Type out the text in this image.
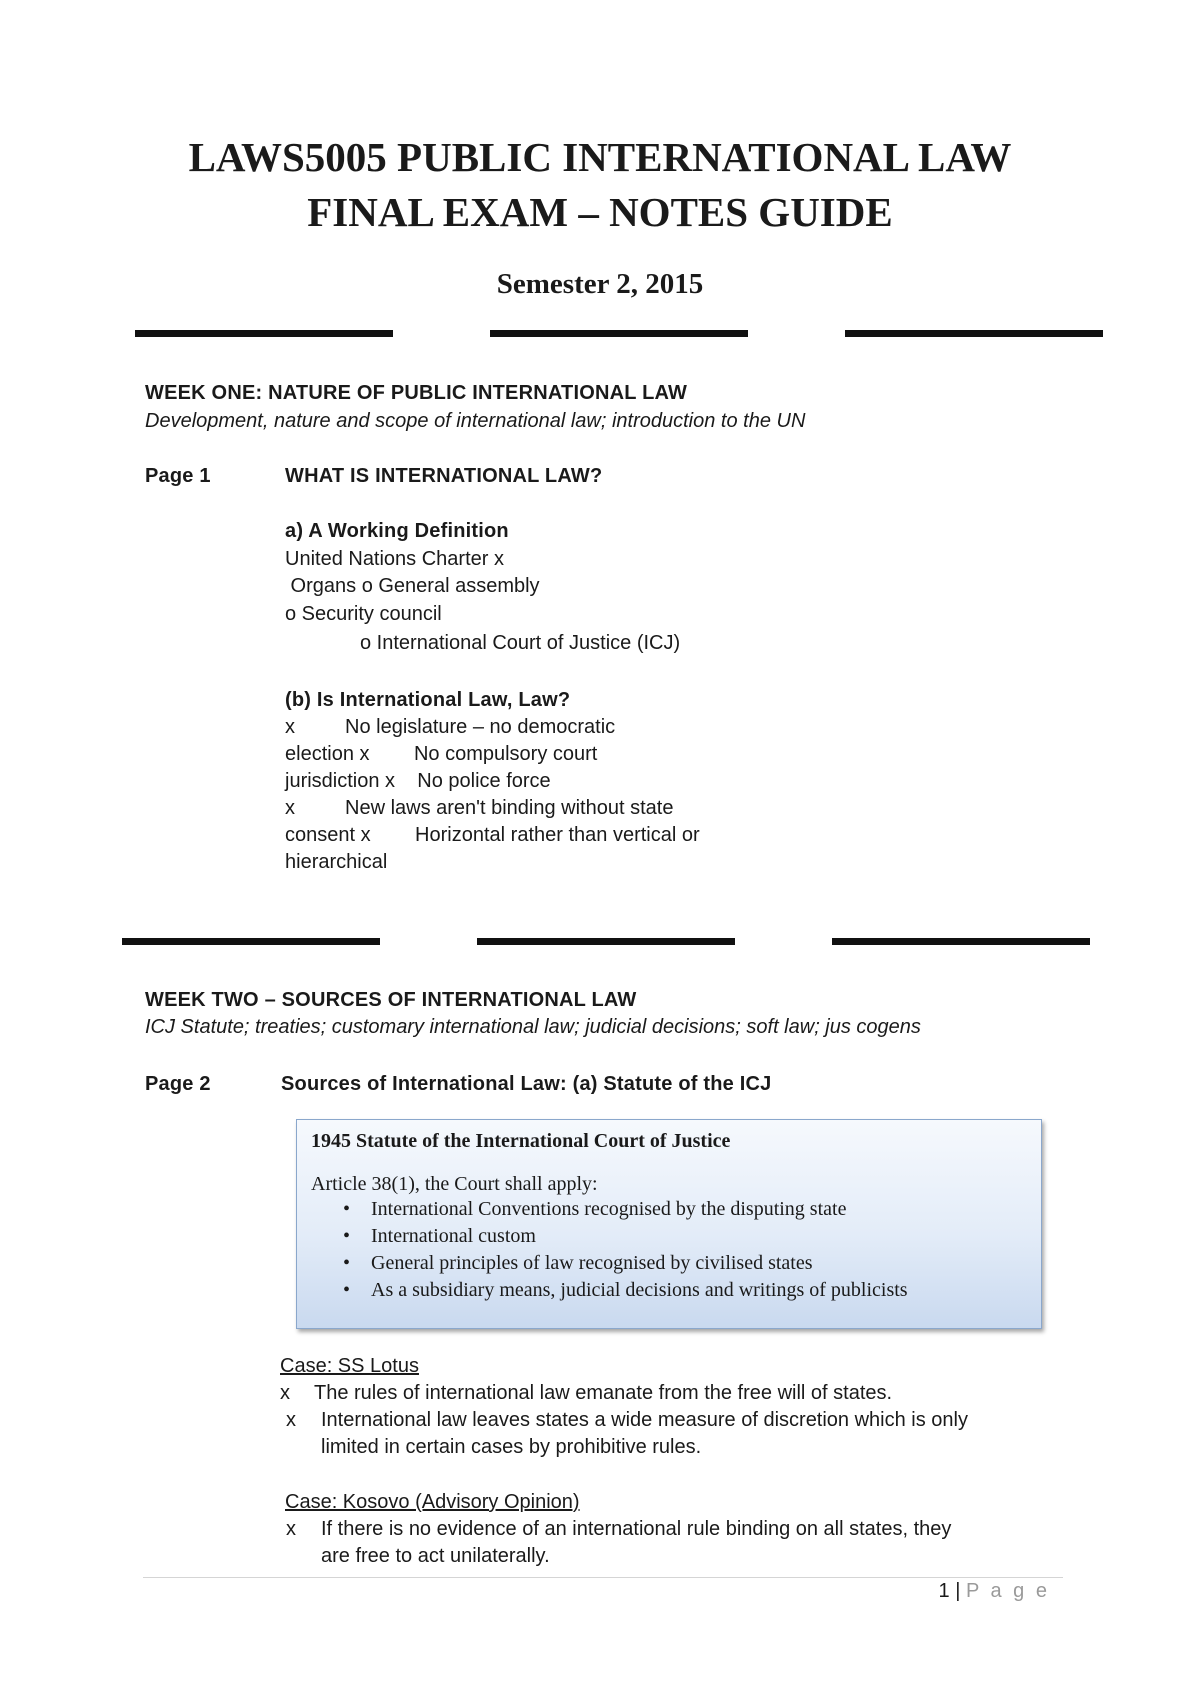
LAWS5005 PUBLIC INTERNATIONAL LAW
FINAL EXAM – NOTES GUIDE
Semester 2, 2015
WEEK ONE: NATURE OF PUBLIC INTERNATIONAL LAW
Development, nature and scope of international law; introduction to the UN
Page 1	WHAT IS INTERNATIONAL LAW?
a) A Working Definition
United Nations Charter x
Organs o General assembly
o Security council
o International Court of Justice (ICJ)
(b) Is International Law, Law?
x         No legislature – no democratic
election x        No compulsory court
jurisdiction x    No police force
x         New laws aren't binding without state
consent x        Horizontal rather than vertical or
hierarchical
WEEK TWO – SOURCES OF INTERNATIONAL LAW
ICJ Statute; treaties; customary international law; judicial decisions; soft law; jus cogens
Page 2	Sources of International Law: (a) Statute of the ICJ
1945 Statute of the International Court of Justice
Article 38(1), the Court shall apply:
• International Conventions recognised by the disputing state
• International custom
• General principles of law recognised by civilised states
• As a subsidiary means, judicial decisions and writings of publicists
Case: SS Lotus
x The rules of international law emanate from the free will of states.
x International law leaves states a wide measure of discretion which is only
limited in certain cases by prohibitive rules.
Case: Kosovo (Advisory Opinion)
x If there is no evidence of an international rule binding on all states, they
are free to act unilaterally.
1 | P a g e
